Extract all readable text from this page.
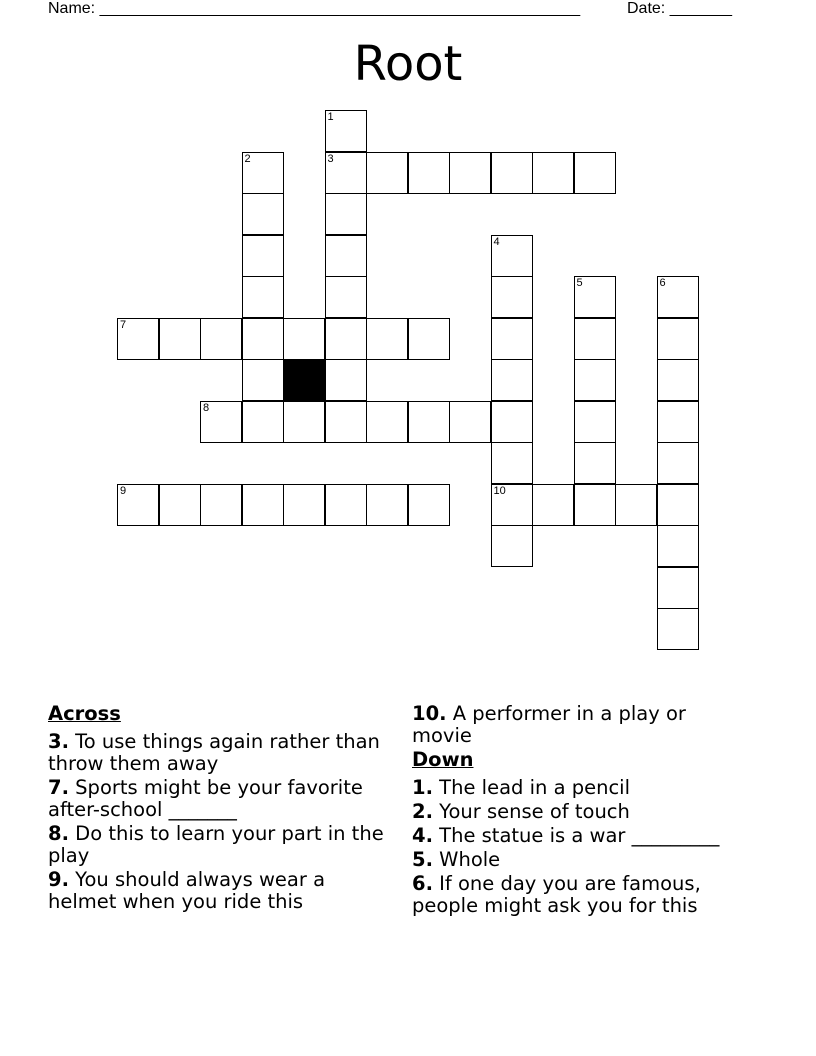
Name: ______________________________________________________	Date: _______
Root
1
2	3
4
5	6
7
8
9	10
Across
3. To use things again rather than throw them away
7. Sports might be your favorite after-school _______
8. Do this to learn your part in the play
9. You should always wear a helmet when you ride this
10. A performer in a play or movie
Down
1. The lead in a pencil
2. Your sense of touch
4. The statue is a war _________
5. Whole
6. If one day you are famous, people might ask you for this
